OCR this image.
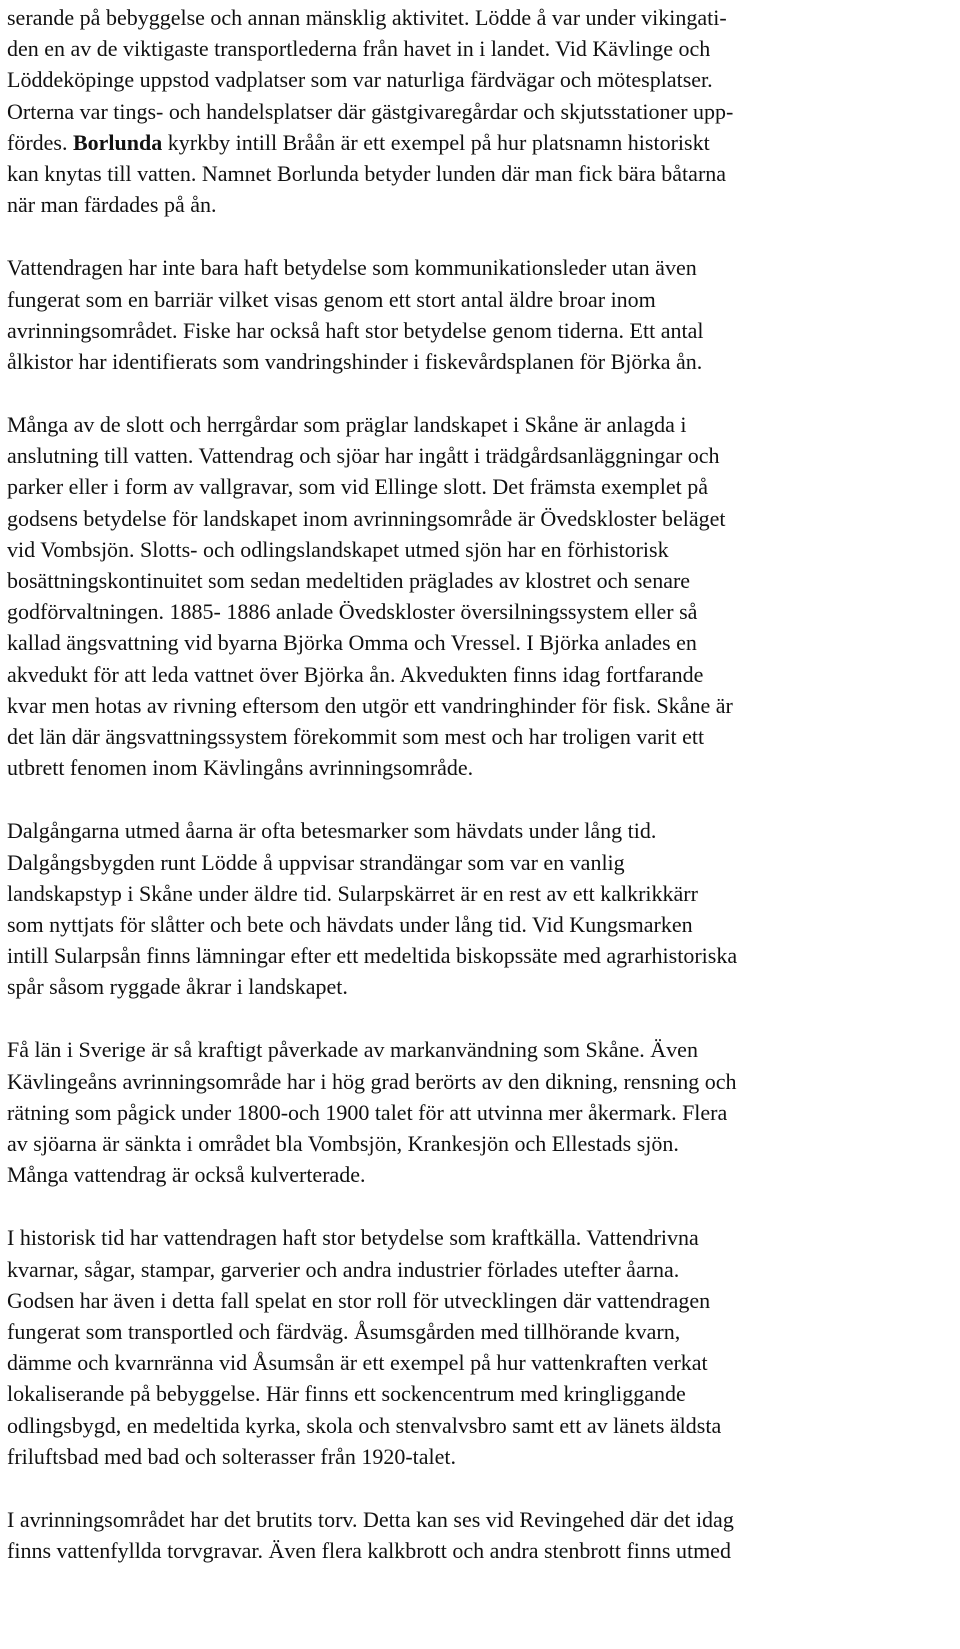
serande på bebyggelse och annan mänsklig aktivitet. Lödde å var under vikingati-
den en av de viktigaste transportlederna från havet in i landet. Vid Kävlinge och
Löddeköpinge uppstod vadplatser som var naturliga färdvägar och mötesplatser.
Orterna var tings- och handelsplatser där gästgivaregårdar och skjutsstationer upp-
fördes. Borlunda kyrkby intill Bråån är ett exempel på hur platsnamn historiskt
kan knytas till vatten. Namnet Borlunda betyder lunden där man fick bära båtarna
när man färdades på ån.
Vattendragen har inte bara haft betydelse som kommunikationsleder utan även
fungerat som en barriär vilket visas genom ett stort antal äldre broar inom
avrinningsområdet. Fiske har också haft stor betydelse genom tiderna. Ett antal
ålkistor har identifierats som vandringshinder i fiskevårdsplanen för Björka ån.
Många av de slott och herrgårdar som präglar landskapet i Skåne är anlagda i
anslutning till vatten. Vattendrag och sjöar har ingått i trädgårdsanläggningar och
parker eller i form av vallgravar, som vid Ellinge slott. Det främsta exemplet på
godsens betydelse för landskapet inom avrinningsområde är Övedskloster beläget
vid Vombsjön. Slotts- och odlingslandskapet utmed sjön har en förhistorisk
bosättningskontinuitet som sedan medeltiden präglades av klostret och senare
godförvaltningen. 1885- 1886 anlade Övedskloster översilningssystem eller så
kallad ängsvattning vid byarna Björka Omma och Vressel. I Björka anlades en
akvedukt för att leda vattnet över Björka ån. Akvedukten finns idag fortfarande
kvar men hotas av rivning eftersom den utgör ett vandringhinder för fisk. Skåne är
det län där ängsvattningssystem förekommit som mest och har troligen varit ett
utbrett fenomen inom Kävlingåns avrinningsområde.
Dalgångarna utmed åarna är ofta betesmarker som hävdats under lång tid.
Dalgångsbygden runt Lödde å uppvisar strandängar som var en vanlig
landskapstyp i Skåne under äldre tid. Sularpskärret är en rest av ett kalkrikkärr
som nyttjats för slåtter och bete och hävdats under lång tid. Vid Kungsmarken
intill Sularpsån finns lämningar efter ett medeltida biskopssäte med agrarhistoriska
spår såsom ryggade åkrar i landskapet.
Få län i Sverige är så kraftigt påverkade av markanvändning som Skåne. Även
Kävlingeåns avrinningsområde har i hög grad berörts av den dikning, rensning och
rätning som pågick under 1800-och 1900 talet för att utvinna mer åkermark. Flera
av sjöarna är sänkta i området bla Vombsjön, Krankesjön och Ellestads sjön.
Många vattendrag är också kulverterade.
I historisk tid har vattendragen haft stor betydelse som kraftkälla. Vattendrivna
kvarnar, sågar, stampar, garverier och andra industrier förlades utefter åarna.
Godsen har även i detta fall spelat en stor roll för utvecklingen där vattendragen
fungerat som transportled och färdväg. Åsumsgården med tillhörande kvarn,
dämme och kvarnränna vid Åsumsån är ett exempel på hur vattenkraften verkat
lokaliserande på bebyggelse. Här finns ett sockencentrum med kringliggande
odlingsbygd, en medeltida kyrka, skola och stenvalvsbro samt ett av länets äldsta
friluftsbad med bad och solterasser från 1920-talet.
I avrinningsområdet har det brutits torv. Detta kan ses vid Revingehed där det idag
finns vattenfyllda torvgravar. Även flera kalkbrott och andra stenbrott finns utmed
